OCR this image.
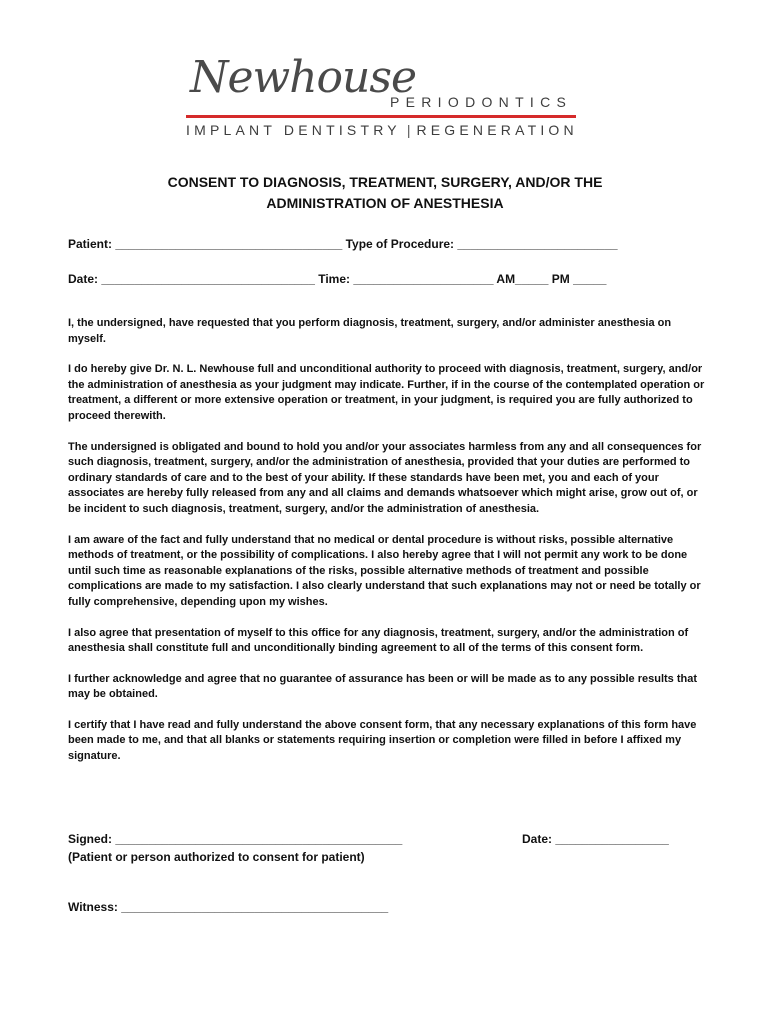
Newhouse
PERIODONTICS
IMPLANT DENTISTRY | REGENERATION
CONSENT TO DIAGNOSIS, TREATMENT, SURGERY, AND/OR THE
ADMINISTRATION OF ANESTHESIA
Patient: __________________________________ Type of Procedure: ________________________
Date: ________________________________ Time: _____________________ AM_____ PM _____

I, the undersigned, have requested that you perform diagnosis, treatment, surgery, and/or administer anesthesia on myself.

I do hereby give Dr. N. L. Newhouse full and unconditional authority to proceed with diagnosis, treatment, surgery, and/or the administration of anesthesia as your judgment may indicate. Further, if in the course of the contemplated operation or treatment, a different or more extensive operation or treatment, in your judgment, is required you are fully authorized to proceed therewith.

The undersigned is obligated and bound to hold you and/or your associates harmless from any and all consequences for such diagnosis, treatment, surgery, and/or the administration of anesthesia, provided that your duties are performed to ordinary standards of care and to the best of your ability. If these standards have been met, you and each of your associates are hereby fully released from any and all claims and demands whatsoever which might arise, grow out of, or be incident to such diagnosis, treatment, surgery, and/or the administration of anesthesia.

I am aware of the fact and fully understand that no medical or dental procedure is without risks, possible alternative methods of treatment, or the possibility of complications. I also hereby agree that I will not permit any work to be done until such time as reasonable explanations of the risks, possible alternative methods of treatment and possible complications are made to my satisfaction. I also clearly understand that such explanations may not or need be totally or fully comprehensive, depending upon my wishes.

I also agree that presentation of myself to this office for any diagnosis, treatment, surgery, and/or the administration of anesthesia shall constitute full and unconditionally binding agreement to all of the terms of this consent form.

I further acknowledge and agree that no guarantee of assurance has been or will be made as to any possible results that may be obtained.

I certify that I have read and fully understand the above consent form, that any necessary explanations of this form have been made to me, and that all blanks or statements requiring insertion or completion were filled in before I affixed my signature.

Signed: ___________________________________________	Date: _________________
(Patient or person authorized to consent for patient)
Witness: ________________________________________
